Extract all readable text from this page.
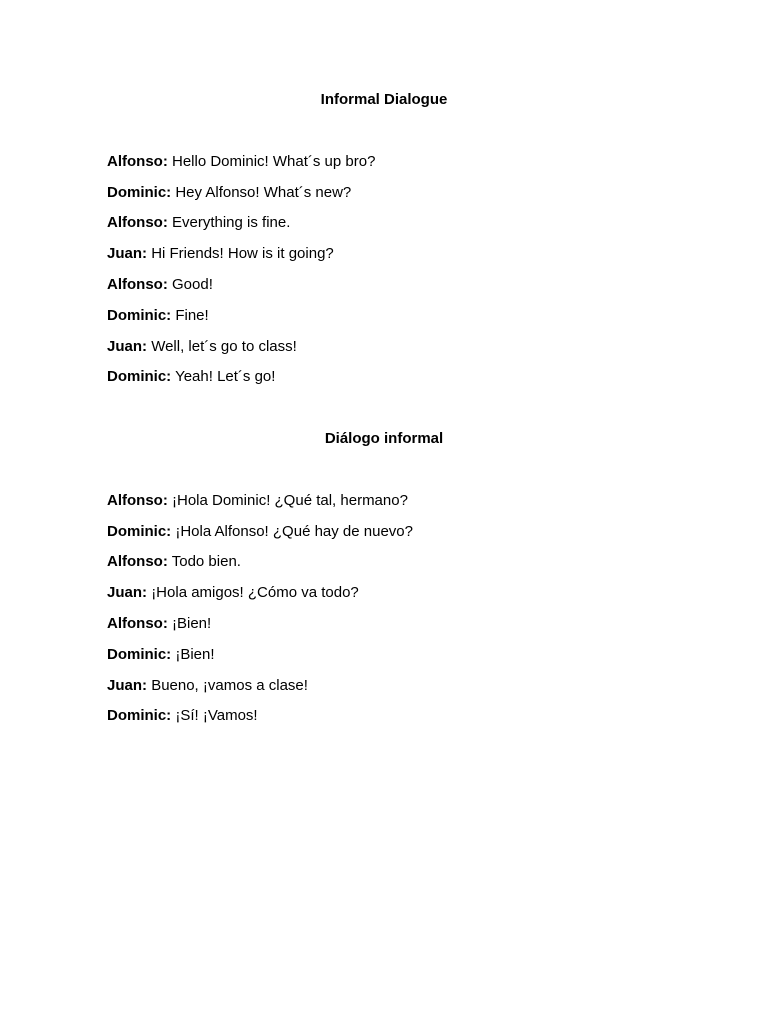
Informal Dialogue
Alfonso: Hello Dominic! What´s up bro?
Dominic: Hey Alfonso! What´s new?
Alfonso: Everything is fine.
Juan: Hi Friends! How is it going?
Alfonso: Good!
Dominic: Fine!
Juan: Well, let´s go to class!
Dominic: Yeah! Let´s go!
Diálogo informal
Alfonso: ¡Hola Dominic! ¿Qué tal, hermano?
Dominic: ¡Hola Alfonso! ¿Qué hay de nuevo?
Alfonso: Todo bien.
Juan: ¡Hola amigos! ¿Cómo va todo?
Alfonso: ¡Bien!
Dominic: ¡Bien!
Juan: Bueno, ¡vamos a clase!
Dominic: ¡Sí! ¡Vamos!
